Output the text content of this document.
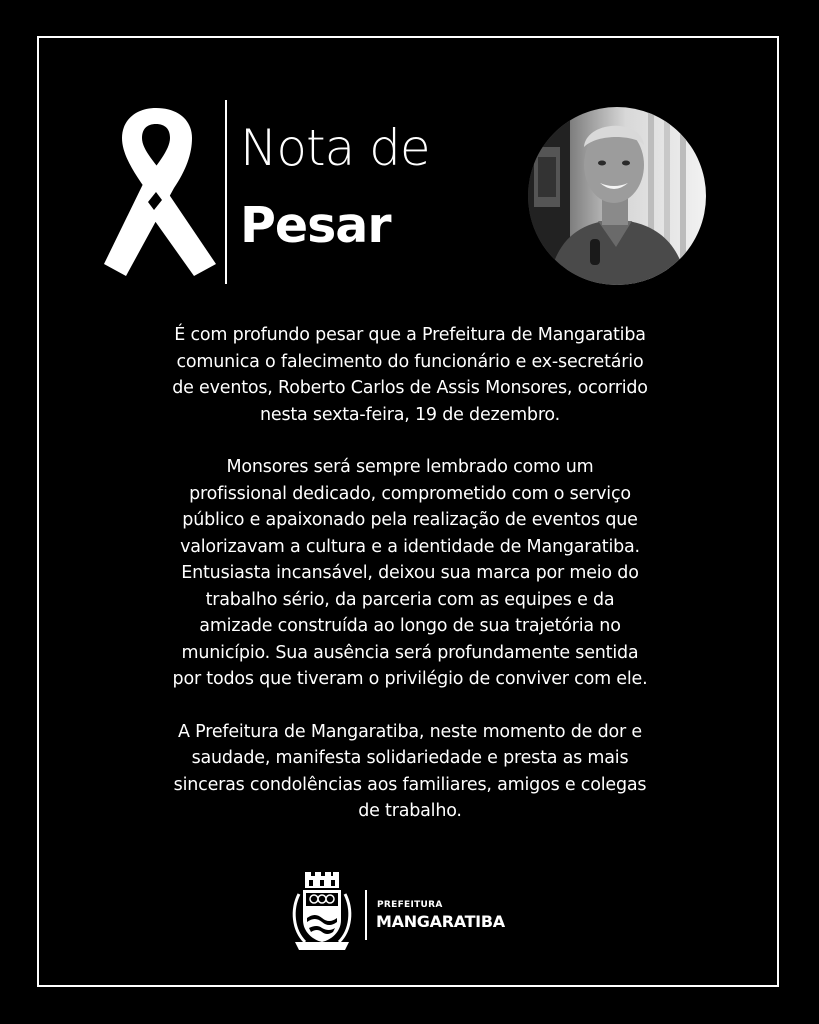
Nota de
Pesar

É com profundo pesar que a Prefeitura de Mangaratiba
comunica o falecimento do funcionário e ex-secretário
de eventos, Roberto Carlos de Assis Monsores, ocorrido
nesta sexta-feira, 19 de dezembro.

Monsores será sempre lembrado como um
profissional dedicado, comprometido com o serviço
público e apaixonado pela realização de eventos que
valorizavam a cultura e a identidade de Mangaratiba.
Entusiasta incansável, deixou sua marca por meio do
trabalho sério, da parceria com as equipes e da
amizade construída ao longo de sua trajetória no
município. Sua ausência será profundamente sentida
por todos que tiveram o privilégio de conviver com ele.

A Prefeitura de Mangaratiba, neste momento de dor e
saudade, manifesta solidariedade e presta as mais
sinceras condolências aos familiares, amigos e colegas
de trabalho.

PREFEITURA
MANGARATIBA
